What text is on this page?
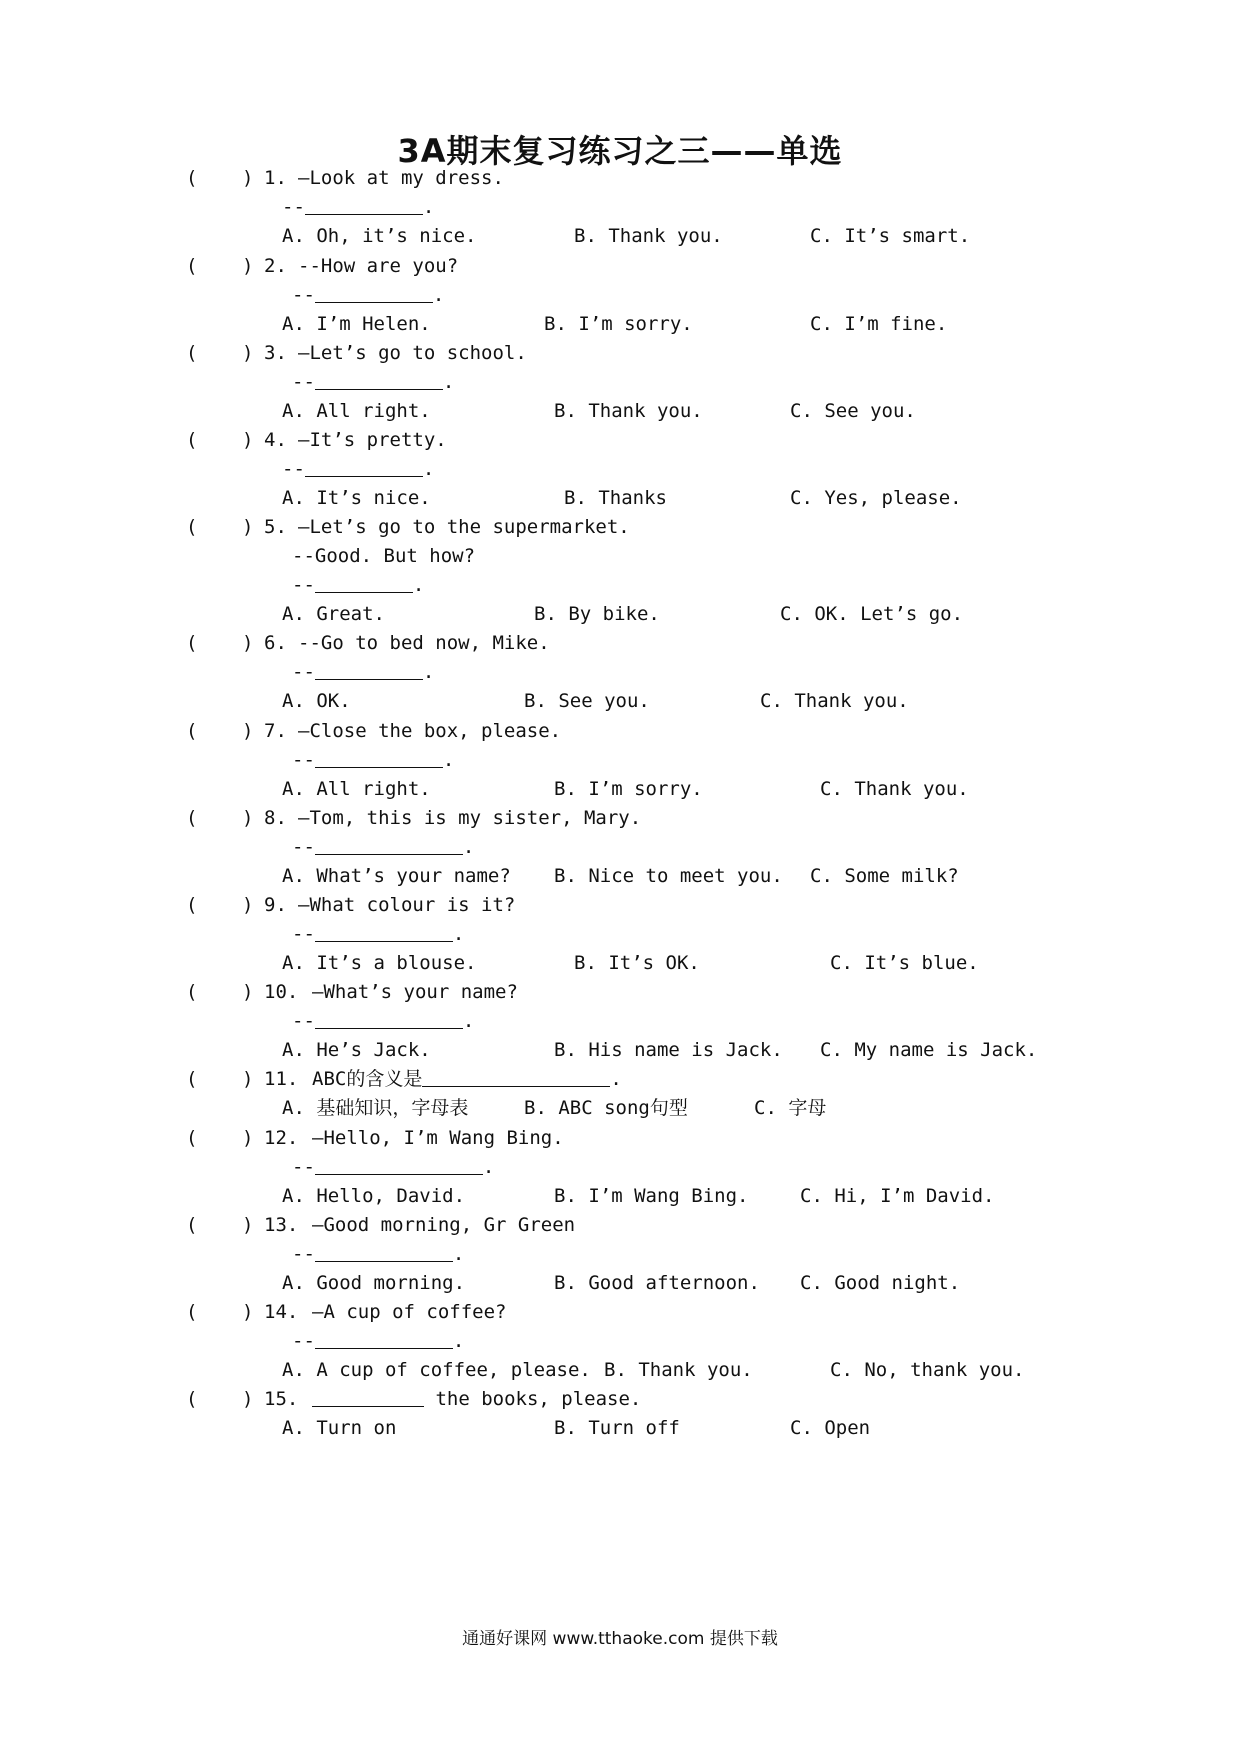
3A期末复习练习之三——单选
( ) 1. –Look at my dress.
--	.
A. Oh, it’s nice.	B. Thank you.	C. It’s smart.
( ) 2. --How are you?
--	.
A. I’m Helen.	B. I’m sorry.	C. I’m fine.
( ) 3. –Let’s go to school.
--	.
A. All right.	B. Thank you.	C. See you.
( ) 4. –It’s pretty.
--	.
A. It’s nice.	B. Thanks	C. Yes, please.
( ) 5. –Let’s go to the supermarket.
--Good. But how?
--	.
A. Great.	B. By bike.	C. OK. Let’s go.
( ) 6. --Go to bed now, Mike.
--	.
A. OK.	B. See you.	C. Thank you.
( ) 7. –Close the box, please.
--	.
A. All right.	B. I’m sorry.	C. Thank you.
( ) 8. –Tom, this is my sister, Mary.
--	.
A. What’s your name? B. Nice to meet you. C. Some milk?
( ) 9. –What colour is it?
--	.
A. It’s a blouse.	B. It’s OK.	C. It’s blue.
( ) 10. –What’s your name?
--	.
A. He’s Jack.	B. His name is Jack. C. My name is Jack.
( ) 11. ABC的含义是	.
A. 基础知识，字母表	B. ABC song句型	C. 字母
( ) 12. –Hello, I’m Wang Bing.
--	.
A. Hello, David.	B. I’m Wang Bing.	C. Hi, I’m David.
( ) 13. –Good morning, Gr Green
--	.
A. Good morning.	B. Good afternoon. C. Good night.
( ) 14. –A cup of coffee?
--	.
A. A cup of coffee, please. B. Thank you.	C. No, thank you.
( ) 15.	the books, please.
A. Turn on	B. Turn off	C. Open
通通好课网 www.tthaoke.com 提供下载
